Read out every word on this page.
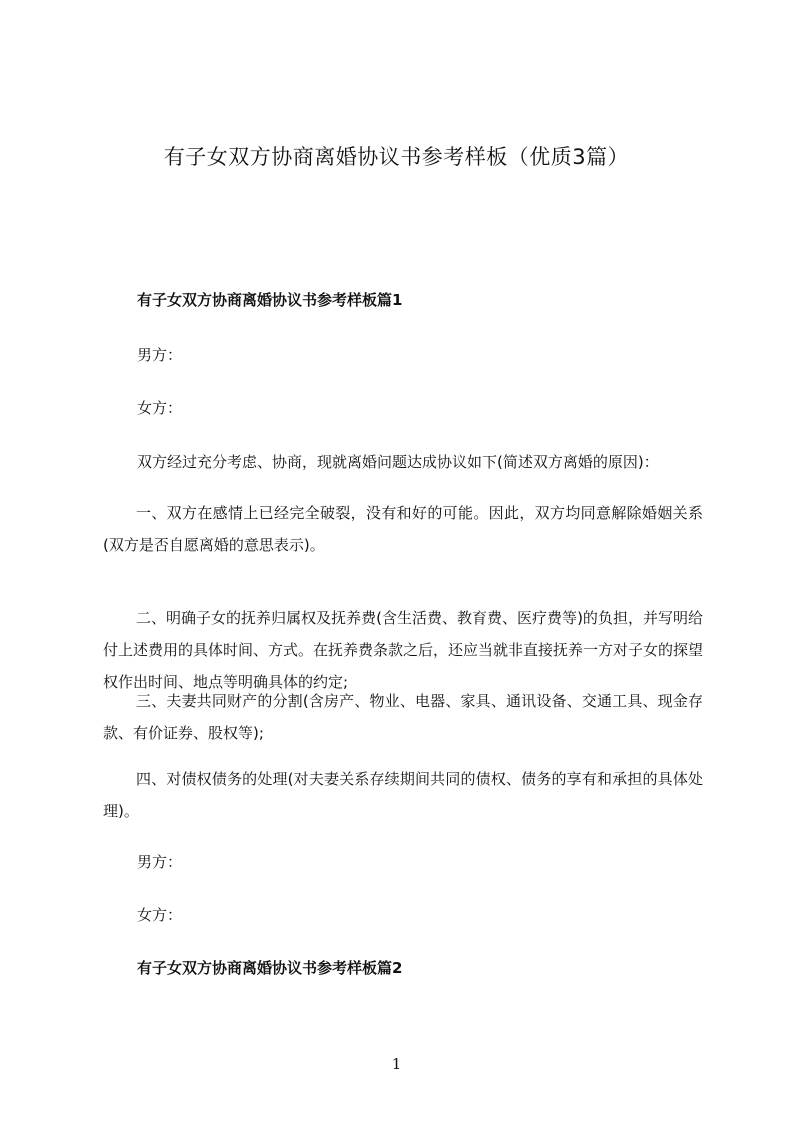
有子女双方协商离婚协议书参考样板（优质3篇）
有子女双方协商离婚协议书参考样板篇1
男方：
女方：
双方经过充分考虑、协商，现就离婚问题达成协议如下(简述双方离婚的原因)：
一、双方在感情上已经完全破裂，没有和好的可能。因此，双方均同意解除婚姻关系(双方是否自愿离婚的意思表示)。
二、明确子女的抚养归属权及抚养费(含生活费、教育费、医疗费等)的负担，并写明给付上述费用的具体时间、方式。在抚养费条款之后，还应当就非直接抚养一方对子女的探望权作出时间、地点等明确具体的约定;
三、夫妻共同财产的分割(含房产、物业、电器、家具、通讯设备、交通工具、现金存款、有价证券、股权等);
四、对债权债务的处理(对夫妻关系存续期间共同的债权、债务的享有和承担的具体处理)。
男方：
女方：
有子女双方协商离婚协议书参考样板篇2
1
